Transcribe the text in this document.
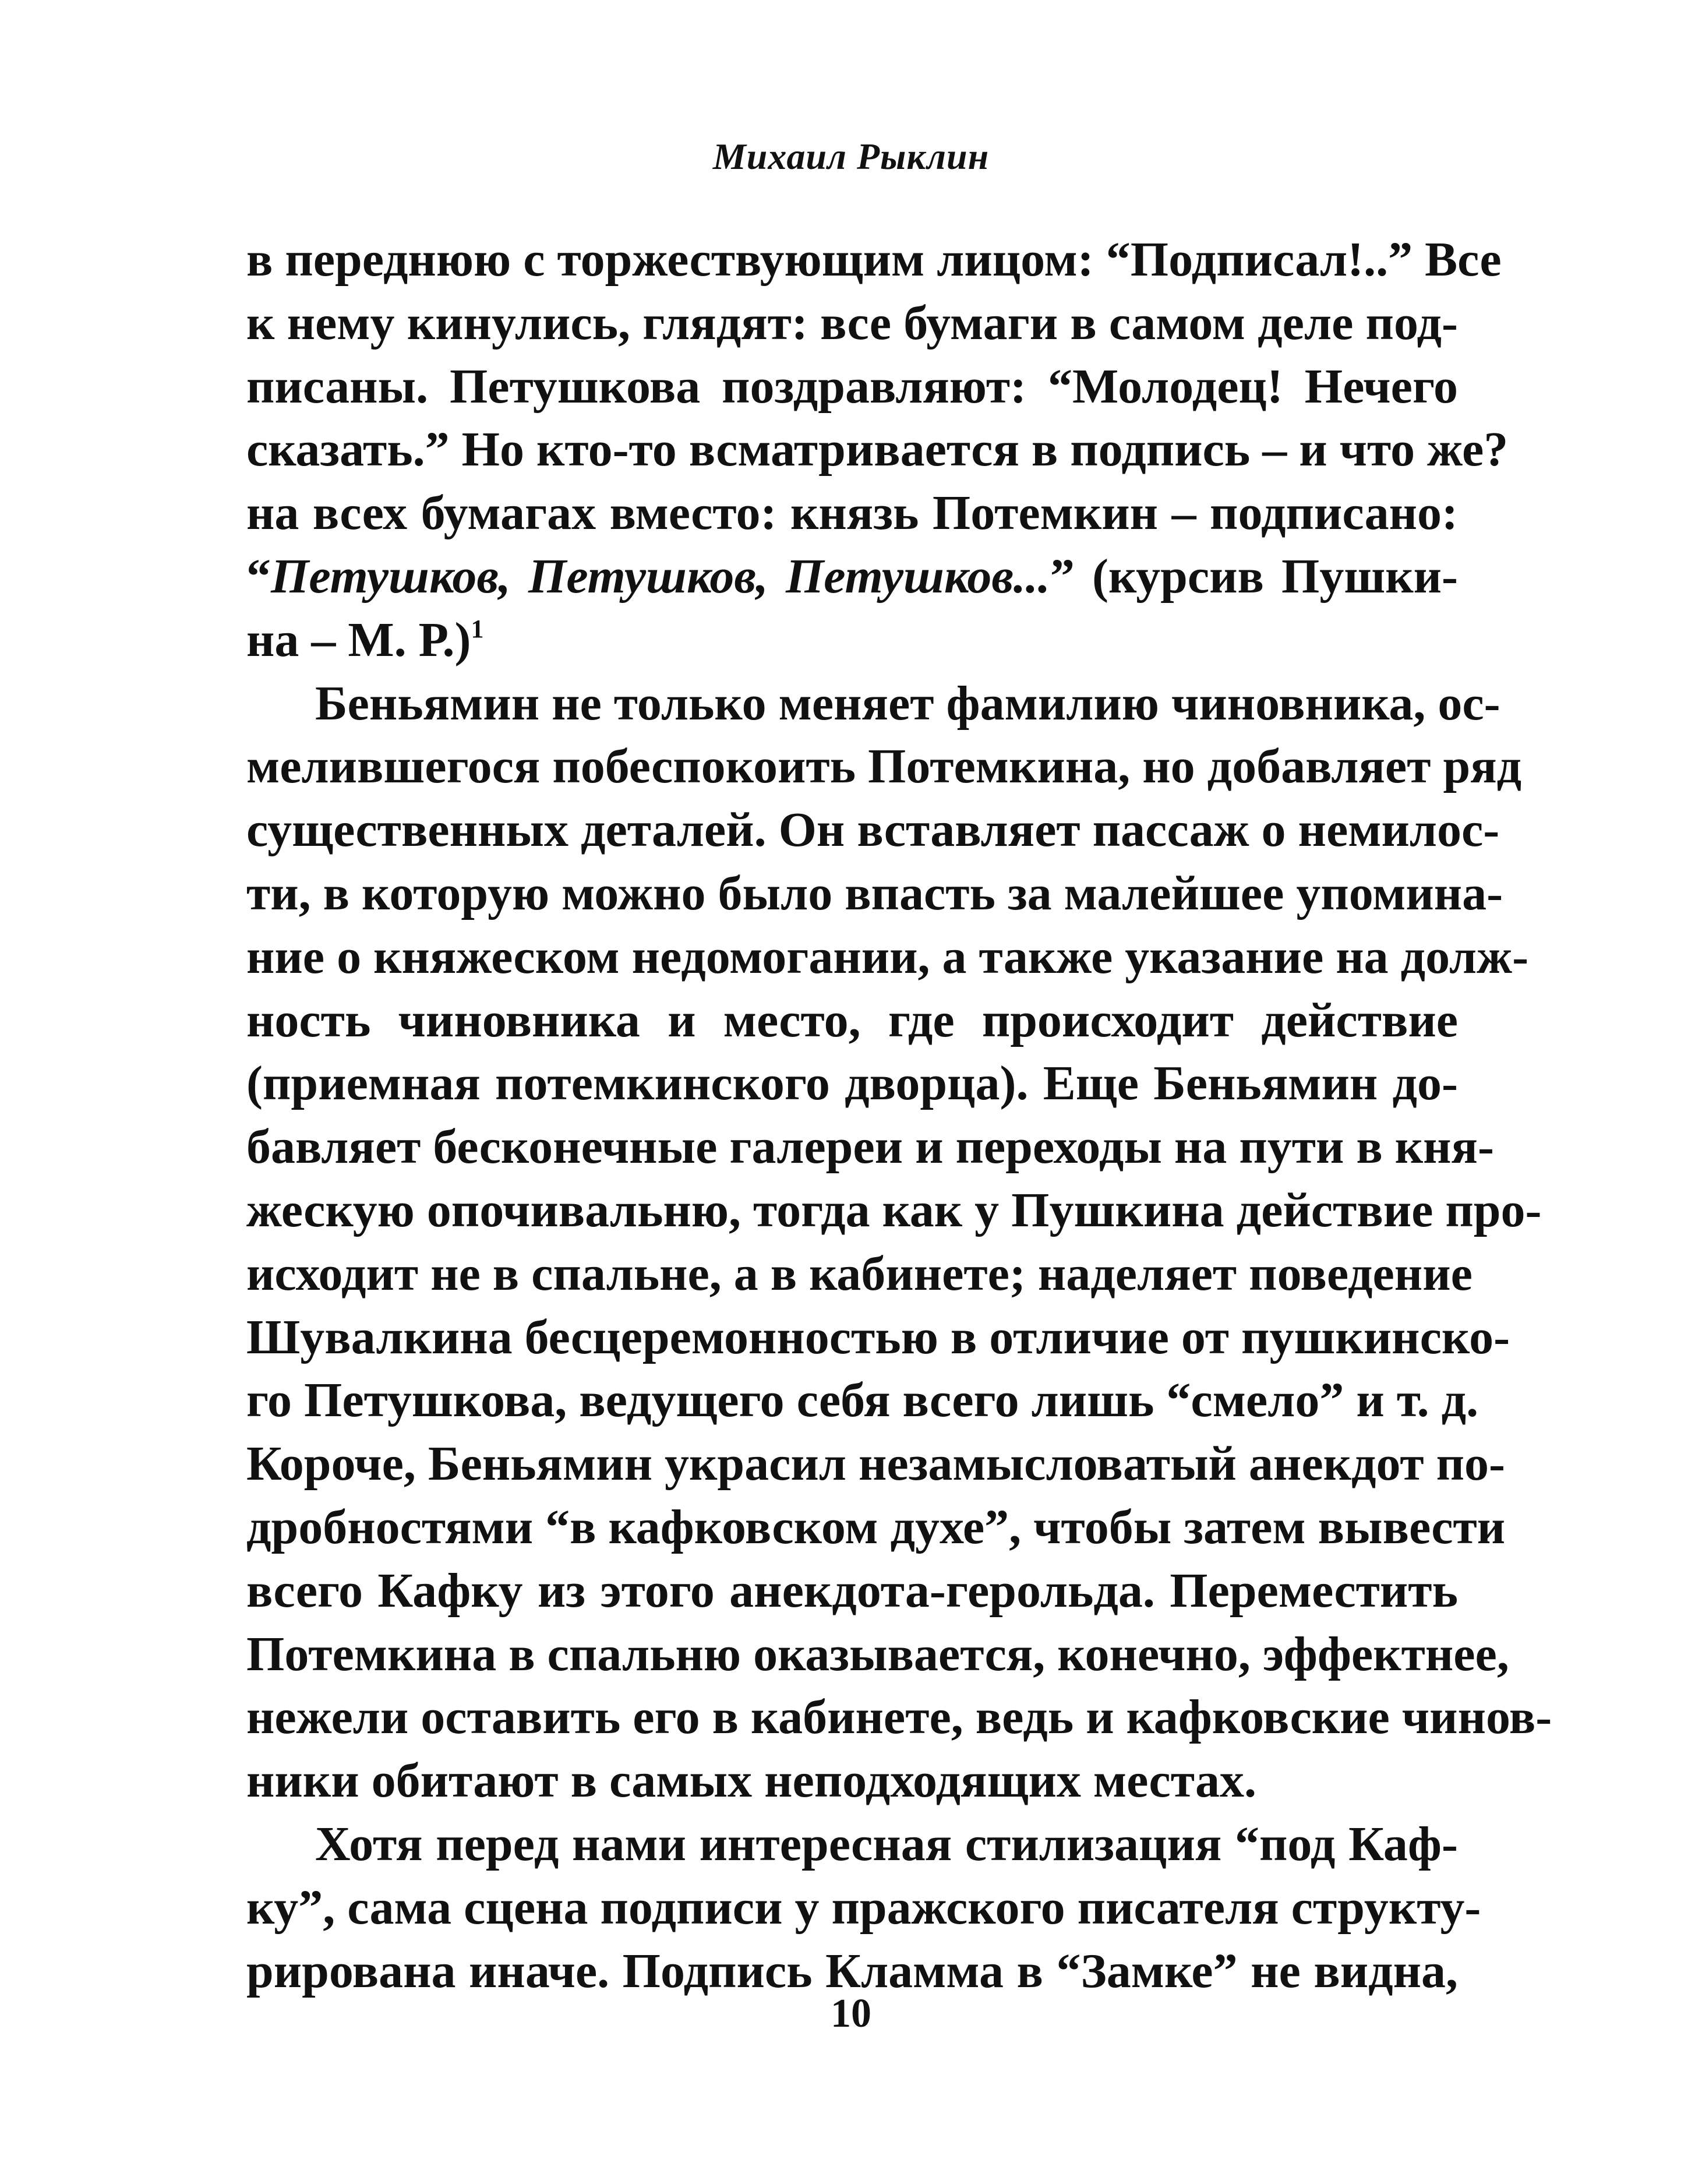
Михаил Рыклин

в переднюю с торжествующим лицом: “Подписал!..” Все
к нему кинулись, глядят: все бумаги в самом деле под-
писаны. Петушкова поздравляют: “Молодец! Нечего
сказать.” Но кто-то всматривается в подпись – и что же?
на всех бумагах вместо: князь Потемкин – подписано:
“Петушков, Петушков, Петушков...” (курсив Пушки-
на – М. Р.)$^1$

Беньямин не только меняет фамилию чиновника, ос-
мелившегося побеспокоить Потемкина, но добавляет ряд
существенных деталей. Он вставляет пассаж о немилос-
ти, в которую можно было впасть за малейшее упомина-
ние о княжеском недомогании, а также указание на долж-
ность чиновника и место, где происходит действие
(приемная потемкинского дворца). Еще Беньямин до-
бавляет бесконечные галереи и переходы на пути в кня-
жескую опочивальню, тогда как у Пушкина действие про-
исходит не в спальне, а в кабинете; наделяет поведение
Шувалкина бесцеремонностью в отличие от пушкинско-
го Петушкова, ведущего себя всего лишь “смело” и т. д.
Короче, Беньямин украсил незамысловатый анекдот по-
дробностями “в кафковском духе”, чтобы затем вывести
всего Кафку из этого анекдота-герольда. Переместить
Потемкина в спальню оказывается, конечно, эффектнее,
нежели оставить его в кабинете, ведь и кафковские чинов-
ники обитают в самых неподходящих местах.

Хотя перед нами интересная стилизация “под Каф-
ку”, сама сцена подписи у пражского писателя структу-
рирована иначе. Подпись Кламма в “Замке” не видна,

10
